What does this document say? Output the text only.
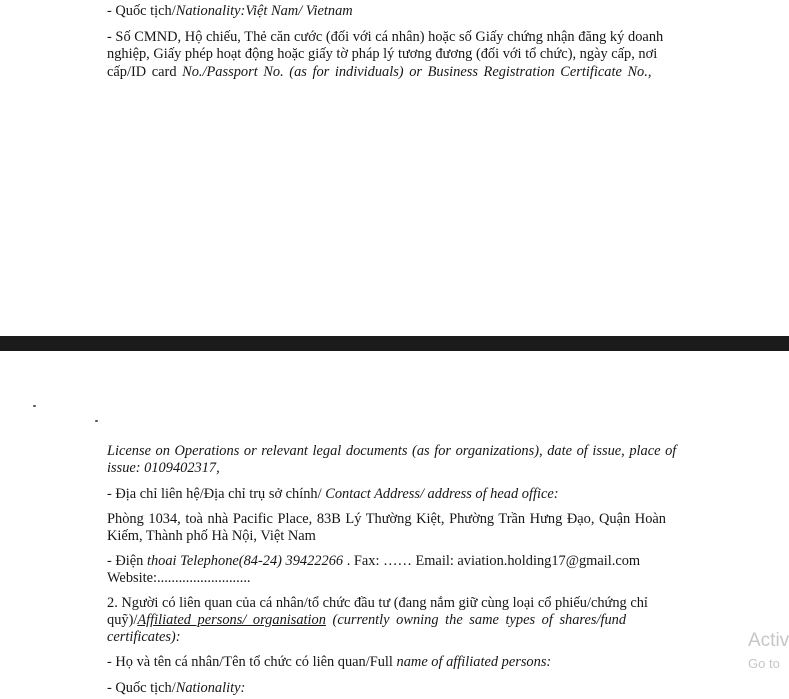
- Quốc tịch/Nationality:Việt Nam/ Vietnam
- Số CMND, Hộ chiếu, Thẻ căn cước (đối với cá nhân) hoặc số Giấy chứng nhận đăng ký doanh
nghiệp, Giấy phép hoạt động hoặc giấy tờ pháp lý tương đương (đối với tổ chức), ngày cấp, nơi
cấp/ID card No./Passport No. (as for individuals) or Business Registration Certificate No.,
License on Operations or relevant legal documents (as for organizations), date of issue, place of
issue: 0109402317,
- Địa chỉ liên hệ/Địa chỉ trụ sở chính/ Contact Address/ address of head office:
Phòng 1034, toà nhà Pacific Place, 83B Lý Thường Kiệt, Phường Trần Hưng Đạo, Quận Hoàn
Kiếm, Thành phố Hà Nội, Việt Nam
- Điện thoai Telephone(84-24) 39422266 . Fax: …… Email: aviation.holding17@gmail.com
Website:..........................
2. Người có liên quan của cá nhân/tổ chức đầu tư (đang nắm giữ cùng loại cổ phiếu/chứng chỉ
quỹ)/Affiliated persons/ organisation (currently owning the same types of shares/fund
certificates):
- Họ và tên cá nhân/Tên tổ chức có liên quan/Full name of affiliated persons:
- Quốc tịch/Nationality:
Activ
Go to
